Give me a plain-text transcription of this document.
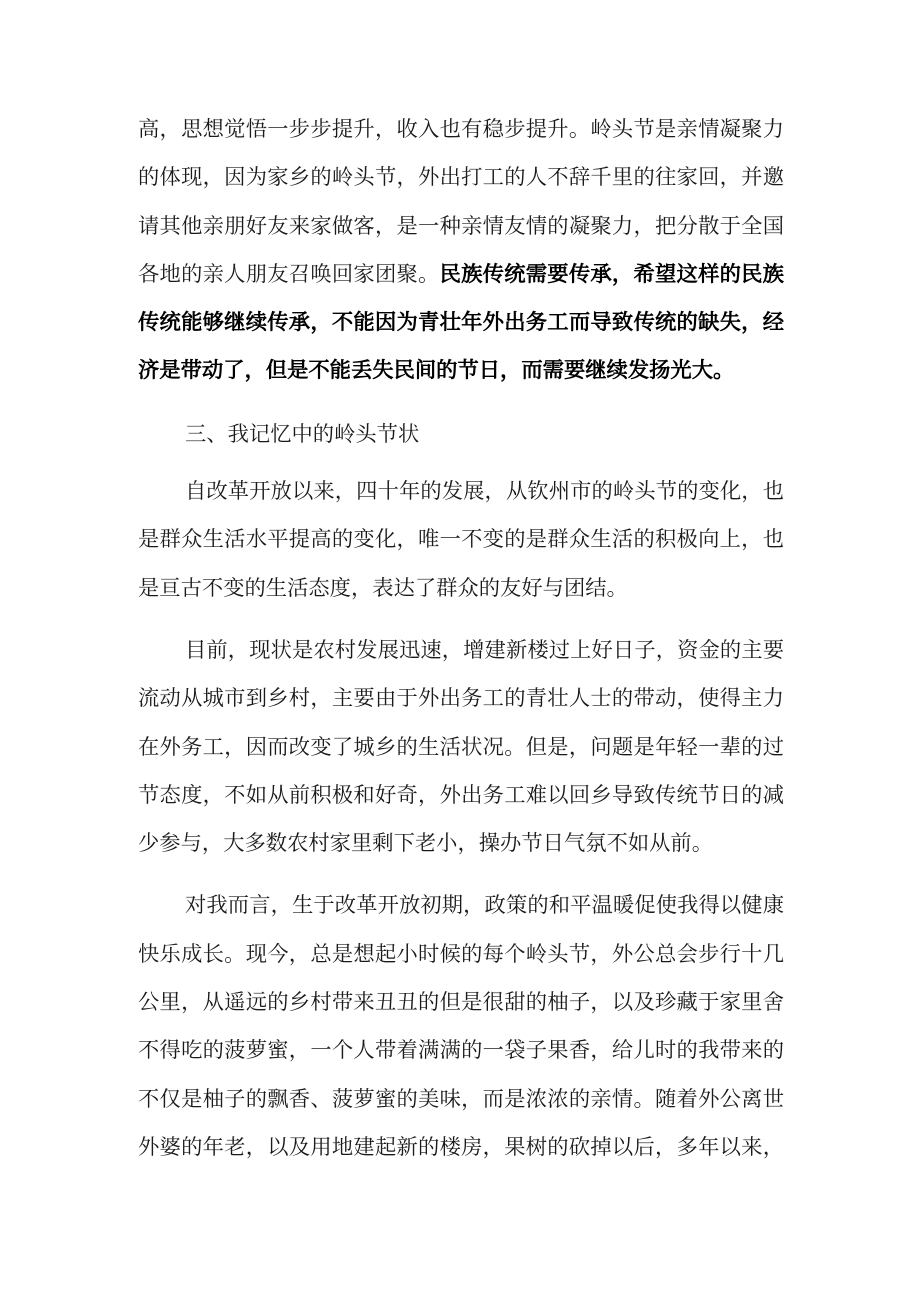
高，思想觉悟一步步提升，收入也有稳步提升。岭头节是亲情凝聚力
的体现，因为家乡的岭头节，外出打工的人不辞千里的往家回，并邀
请其他亲朋好友来家做客，是一种亲情友情的凝聚力，把分散于全国
各地的亲人朋友召唤回家团聚。民族传统需要传承，希望这样的民族
传统能够继续传承，不能因为青壮年外出务工而导致传统的缺失，经
济是带动了，但是不能丢失民间的节日，而需要继续发扬光大。
三、我记忆中的岭头节状
自改革开放以来，四十年的发展，从钦州市的岭头节的变化，也
是群众生活水平提高的变化，唯一不变的是群众生活的积极向上，也
是亘古不变的生活态度，表达了群众的友好与团结。
目前，现状是农村发展迅速，增建新楼过上好日子，资金的主要
流动从城市到乡村，主要由于外出务工的青壮人士的带动，使得主力
在外务工，因而改变了城乡的生活状况。但是，问题是年轻一辈的过
节态度，不如从前积极和好奇，外出务工难以回乡导致传统节日的减
少参与，大多数农村家里剩下老小，操办节日气氛不如从前。
对我而言，生于改革开放初期，政策的和平温暖促使我得以健康
快乐成长。现今，总是想起小时候的每个岭头节，外公总会步行十几
公里，从遥远的乡村带来丑丑的但是很甜的柚子，以及珍藏于家里舍
不得吃的菠萝蜜，一个人带着满满的一袋子果香，给儿时的我带来的
不仅是柚子的飘香、菠萝蜜的美味，而是浓浓的亲情。随着外公离世
外婆的年老，以及用地建起新的楼房，果树的砍掉以后，多年以来，
